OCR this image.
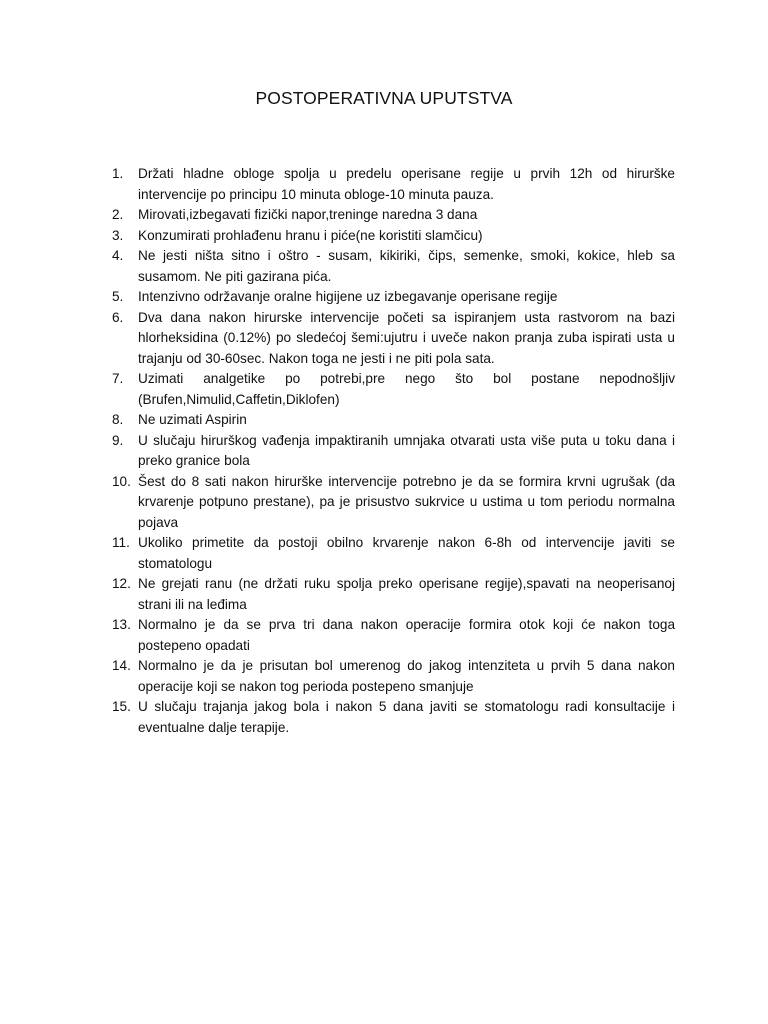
POSTOPERATIVNA UPUTSTVA
1.	Držati hladne obloge spolja u predelu operisane regije u prvih 12h od hirurške intervencije po principu 10 minuta obloge-10 minuta pauza.
2.	Mirovati,izbegavati fizički napor,treninge naredna 3 dana
3.	Konzumirati prohlađenu hranu i piće(ne koristiti slamčicu)
4.	Ne jesti ništa sitno i oštro - susam, kikiriki, čips, semenke, smoki, kokice, hleb sa susamom. Ne piti gazirana pića.
5.	Intenzivno održavanje oralne higijene uz izbegavanje operisane regije
6.	Dva dana nakon hirurske intervencije početi sa ispiranjem usta rastvorom na bazi hlorheksidina (0.12%) po sledećoj šemi:ujutru i uveče nakon pranja zuba ispirati usta u trajanju od 30-60sec. Nakon toga ne jesti i ne piti pola sata.
7.	Uzimati analgetike po potrebi,pre nego što bol postane nepodnošljiv (Brufen,Nimulid,Caffetin,Diklofen)
8.	Ne uzimati Aspirin
9.	U slučaju hirurškog vađenja impaktiranih umnjaka otvarati usta više puta u toku dana i preko granice bola
10. Šest do 8 sati nakon hirurške intervencije potrebno je da se formira krvni ugrušak (da krvarenje potpuno prestane), pa je prisustvo sukrvice u ustima u tom periodu normalna pojava
11. Ukoliko primetite da postoji obilno krvarenje nakon 6-8h od intervencije javiti se stomatologu
12. Ne grejati ranu (ne držati ruku spolja preko operisane regije),spavati na neoperisanoj strani ili na leđima
13. Normalno je da se prva tri dana nakon operacije formira otok koji će nakon toga postepeno opadati
14. Normalno je da je prisutan bol umerenog do jakog intenziteta u prvih 5 dana nakon operacije koji se nakon tog perioda postepeno smanjuje
15. U slučaju trajanja jakog bola i nakon 5 dana javiti se stomatologu radi konsultacije i eventualne dalje terapije.
